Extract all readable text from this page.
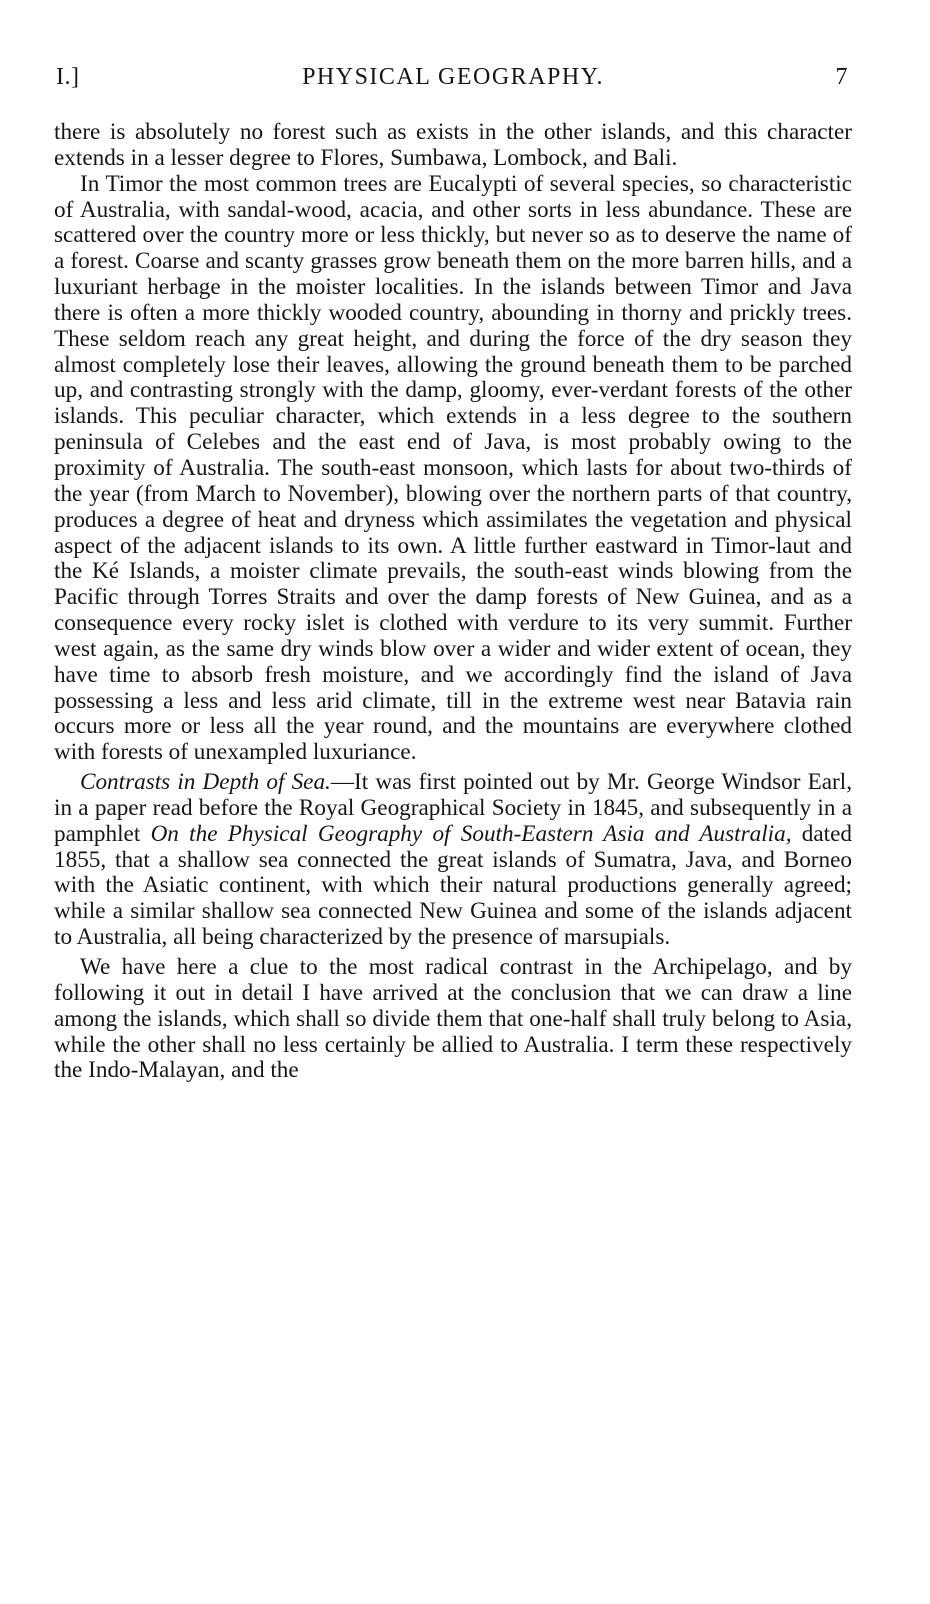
I.]	PHYSICAL GEOGRAPHY.	7

there is absolutely no forest such as exists in the other islands, and this character extends in a lesser degree to Flores, Sumbawa, Lombock, and Bali.

In Timor the most common trees are Eucalypti of several species, so characteristic of Australia, with sandal-wood, acacia, and other sorts in less abundance. These are scattered over the country more or less thickly, but never so as to deserve the name of a forest. Coarse and scanty grasses grow beneath them on the more barren hills, and a luxuriant herbage in the moister localities. In the islands between Timor and Java there is often a more thickly wooded country, abounding in thorny and prickly trees. These seldom reach any great height, and during the force of the dry season they almost completely lose their leaves, allowing the ground beneath them to be parched up, and contrasting strongly with the damp, gloomy, ever-verdant forests of the other islands. This peculiar character, which extends in a less degree to the southern peninsula of Celebes and the east end of Java, is most probably owing to the proximity of Australia. The south-east monsoon, which lasts for about two-thirds of the year (from March to November), blowing over the northern parts of that country, produces a degree of heat and dryness which assimilates the vegetation and physical aspect of the adjacent islands to its own. A little further eastward in Timor-laut and the Ké Islands, a moister climate prevails, the south-east winds blowing from the Pacific through Torres Straits and over the damp forests of New Guinea, and as a consequence every rocky islet is clothed with verdure to its very summit. Further west again, as the same dry winds blow over a wider and wider extent of ocean, they have time to absorb fresh moisture, and we accordingly find the island of Java possessing a less and less arid climate, till in the extreme west near Batavia rain occurs more or less all the year round, and the mountains are everywhere clothed with forests of unexampled luxuriance.

Contrasts in Depth of Sea.—It was first pointed out by Mr. George Windsor Earl, in a paper read before the Royal Geographical Society in 1845, and subsequently in a pamphlet On the Physical Geography of South-Eastern Asia and Australia, dated 1855, that a shallow sea connected the great islands of Sumatra, Java, and Borneo with the Asiatic continent, with which their natural productions generally agreed; while a similar shallow sea connected New Guinea and some of the islands adjacent to Australia, all being characterized by the presence of marsupials.

We have here a clue to the most radical contrast in the Archipelago, and by following it out in detail I have arrived at the conclusion that we can draw a line among the islands, which shall so divide them that one-half shall truly belong to Asia, while the other shall no less certainly be allied to Australia. I term these respectively the Indo-Malayan, and the
